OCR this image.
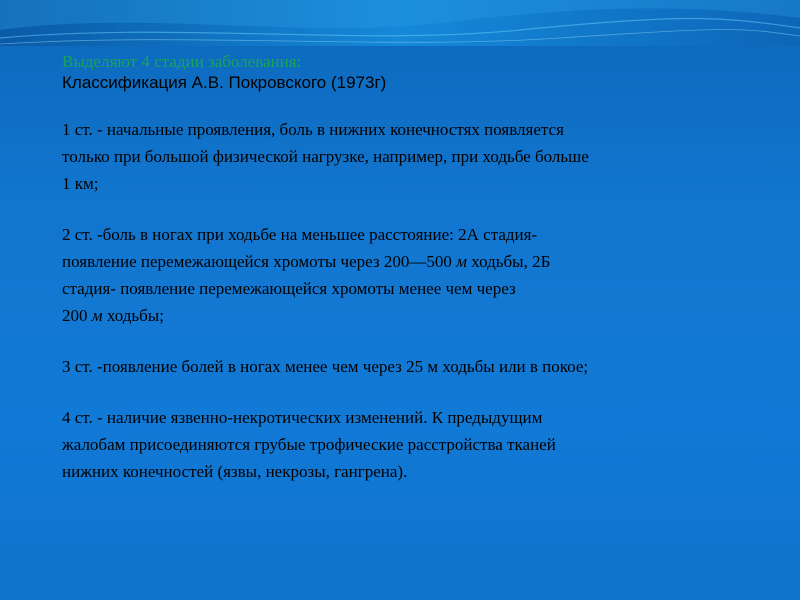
Выделяют 4 стадии заболевания:

Классификация А.В. Покровского (1973г)

1 ст. - начальные проявления, боль в нижних конечностях появляется

только при большой физической нагрузке, например, при ходьбе больше

1 км;

2 ст. -боль в ногах при ходьбе на меньшее расстояние: 2А стадия-

появление перемежающейся хромоты через 200—500 м ходьбы, 2Б

стадия- появление перемежающейся хромоты менее чем через

200 м ходьбы;

3 ст. -появление болей в ногах менее чем через 25 м ходьбы или в покое;

4 ст. - наличие язвенно-некротических изменений. К предыдущим

жалобам присоединяются грубые трофические расстройства тканей

нижних конечностей (язвы, некрозы, гангрена).
